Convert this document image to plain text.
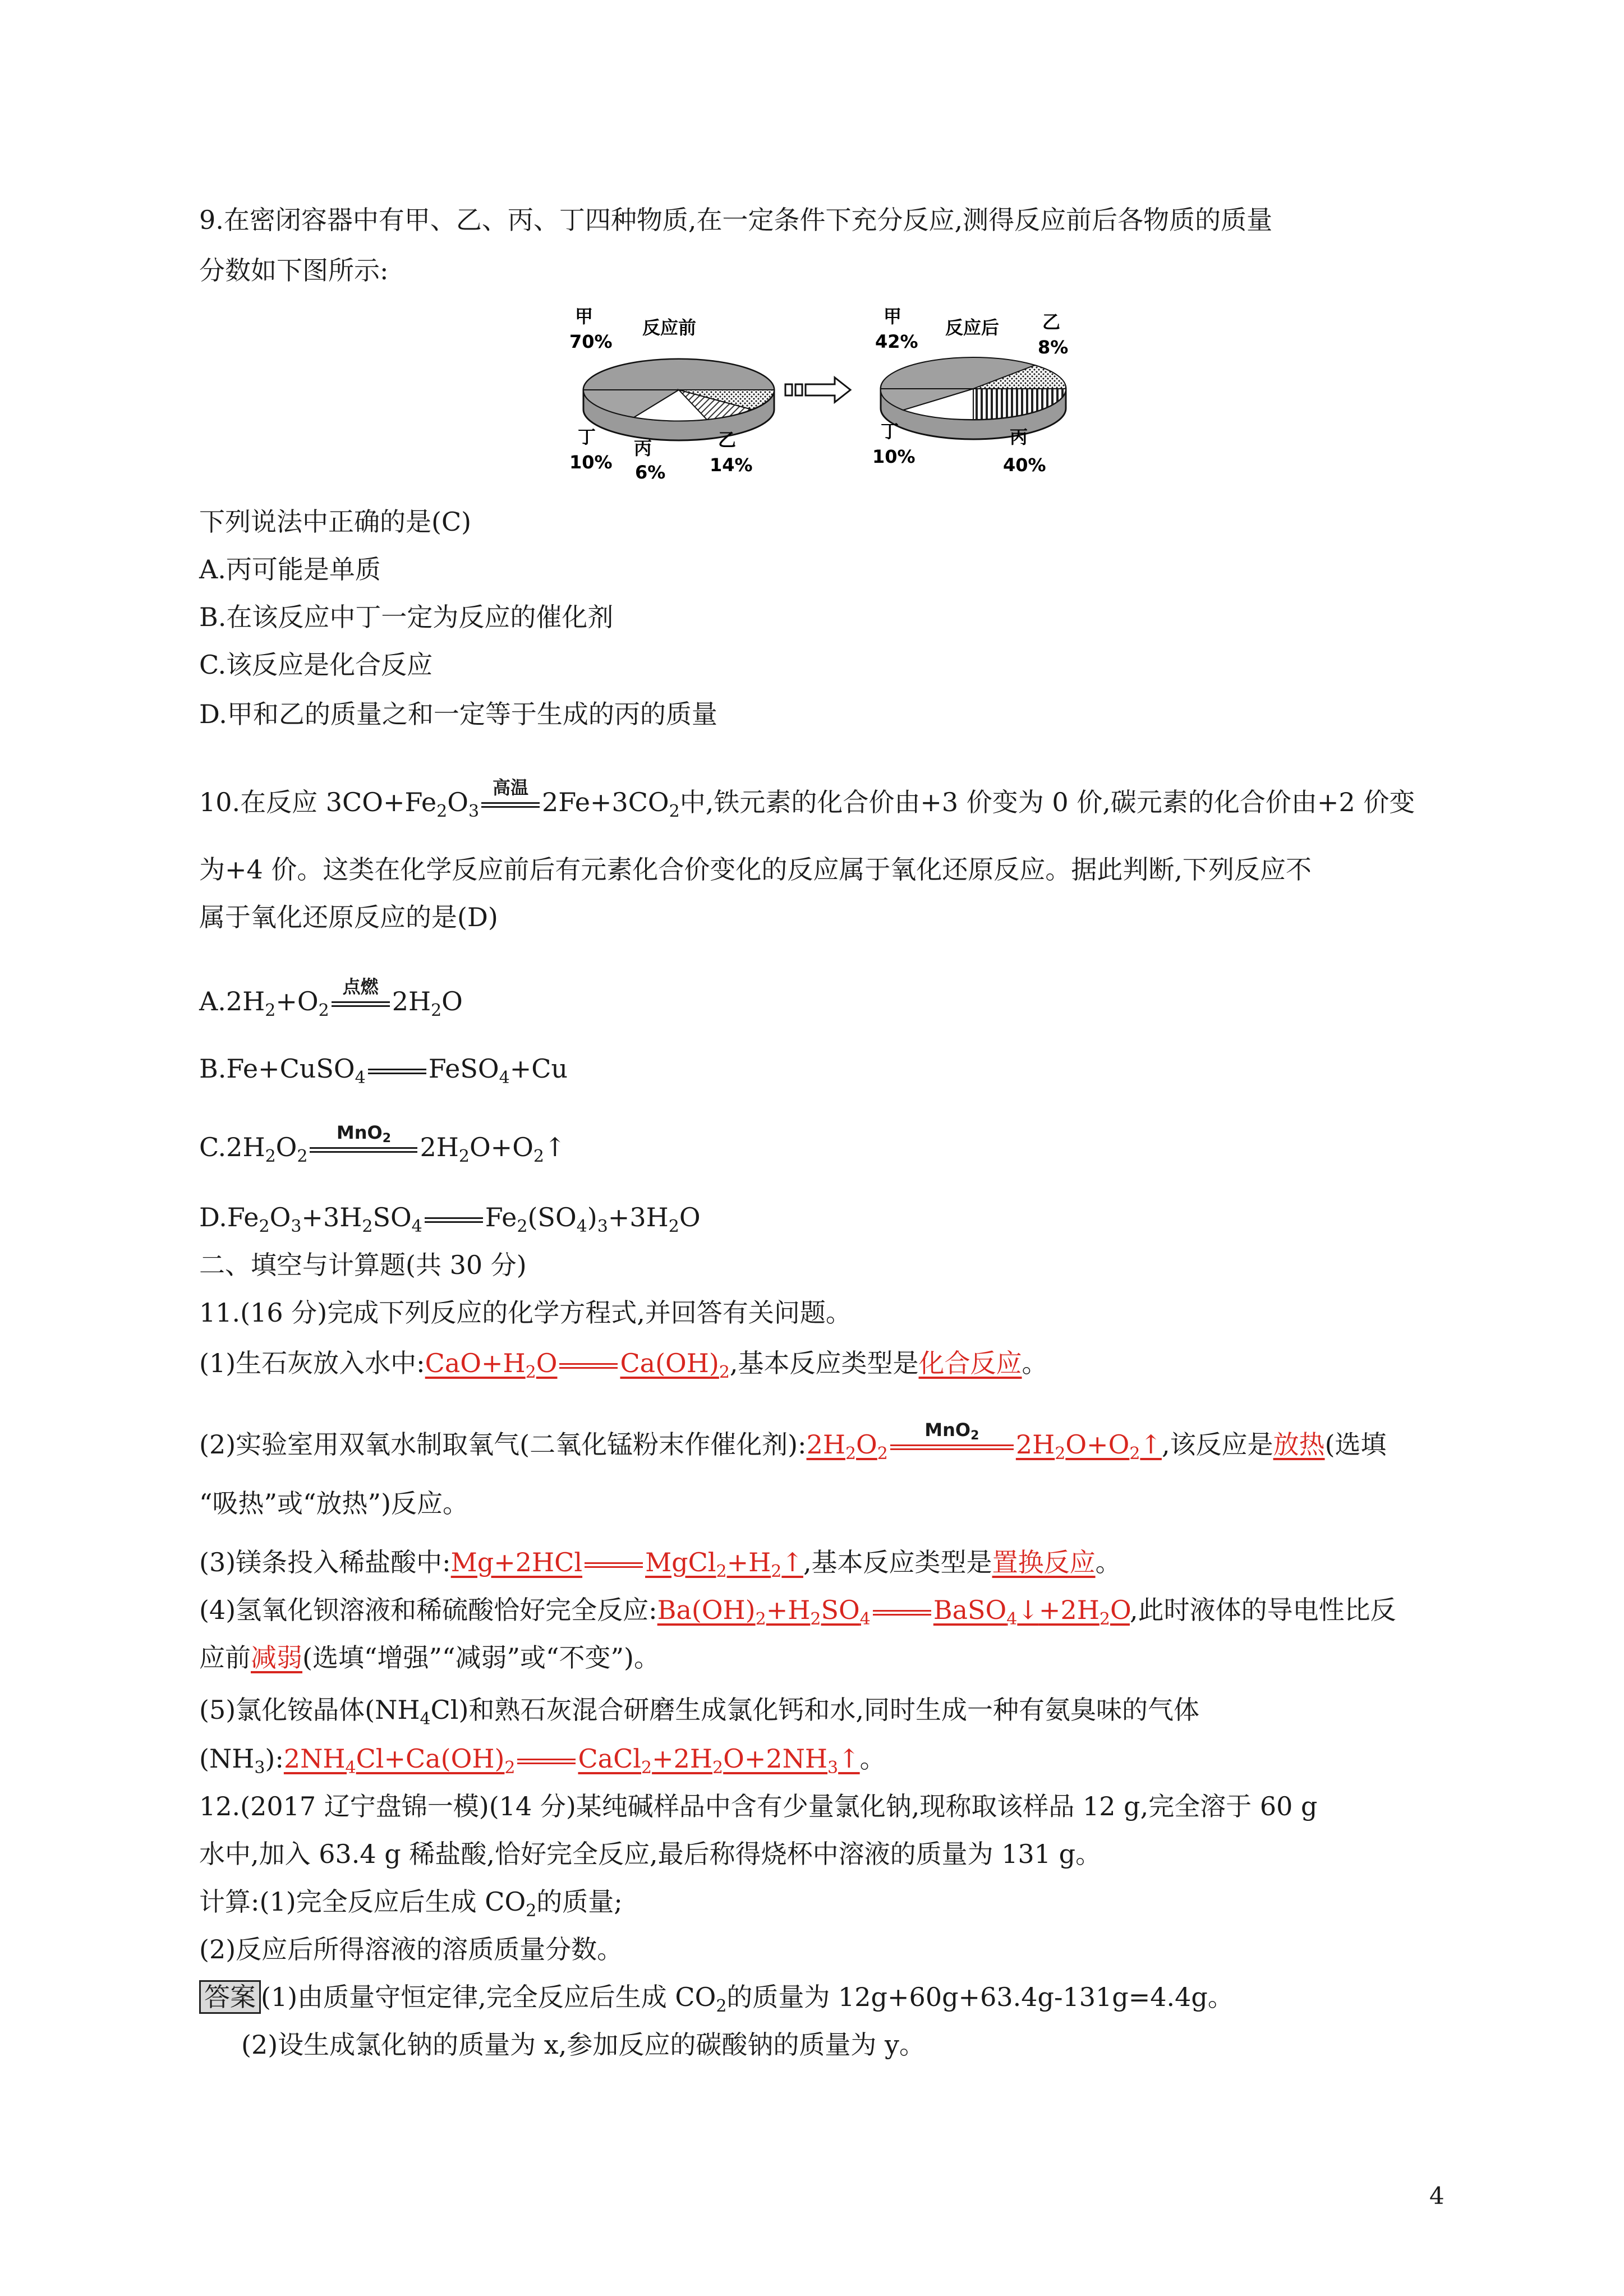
9.在密闭容器中有甲、乙、丙、丁四种物质,在一定条件下充分反应,测得反应前后各物质的质量
分数如下图所示:
甲
70%
反应前
丁
10%
丙
6%
乙
14%
甲
42%
反应后 乙
8%
丁
10%
丙
40%
下列说法中正确的是(C)
A.丙可能是单质
B.在该反应中丁一定为反应的催化剂
C.该反应是化合反应
D.甲和乙的质量之和一定等于生成的丙的质量
10.在反应 $3CO+Fe_2O_3$
高温 $2Fe+3CO_2$中,铁元素的化合价由+3 价变为 0 价,碳元素的化合价由+2 价变
为+4 价。这类在化学反应前后有元素化合价变化的反应属于氧化还原反应。据此判断,下列反应不
属于氧化还原反应的是(D)
$A.2H_2+O_2$
点燃 $2H_2O$
B.Fe+CuSO$_4$ FeSO$_4$+Cu
$C.2H_2O_2$
MnO2	$2H_2O+O_2↑$
$D.Fe_2O_3+3H_2SO_4$ $Fe_2(SO_4)_3+3H_2O$
二、填空与计算题(共 30 分)
11.(16 分)完成下列反应的化学方程式,并回答有关问题。
(1)生石灰放入水中$:CaO+H_2O$ $Ca(OH)_2$,基本反应类型是化合反应。
(2)实验室用双氧水制取氧气(二氧化锰粉末作催化剂)$:2H_2O_2$
MnO2	$2H_2O+O_2↑$,该反应是放热(选填
“吸热”或“放热”)反应。
(3)镁条投入稀盐酸中:Mg+2HCl $MgCl_2+H_2↑$,基本反应类型是置换反应。
(4)氢氧化钡溶液和稀硫酸恰好完全反应$:Ba(OH)_2+H_2SO_4$ $BaSO_4↓+2H_2O$,此时液体的导电性比反
应前减弱(选填“增强”“减弱”或“不变”)。
(5)氯化铵晶体$(NH_4Cl)$和熟石灰混合研磨生成氯化钙和水,同时生成一种有氨臭味的气体
$(NH_3):2NH_4Cl+Ca(OH)_2$ $CaCl_2+2H_2O+2NH_3↑$。
12.(2017 辽宁盘锦一模)(14 分)某纯碱样品中含有少量氯化钠,现称取该样品 12 g,完全溶于 60 g
水中,加入 63.4 g 稀盐酸,恰好完全反应,最后称得烧杯中溶液的质量为 131 g。
计算:(1)完全反应后生成 $CO_2$的质量;
(2)反应后所得溶液的溶质质量分数。
答案 (1)由质量守恒定律,完全反应后生成 $CO_2$的质量为 12g+60g+63.4g-131g=4.4g。
(2)设生成氯化钠的质量为 x,参加反应的碳酸钠的质量为 y。
4
